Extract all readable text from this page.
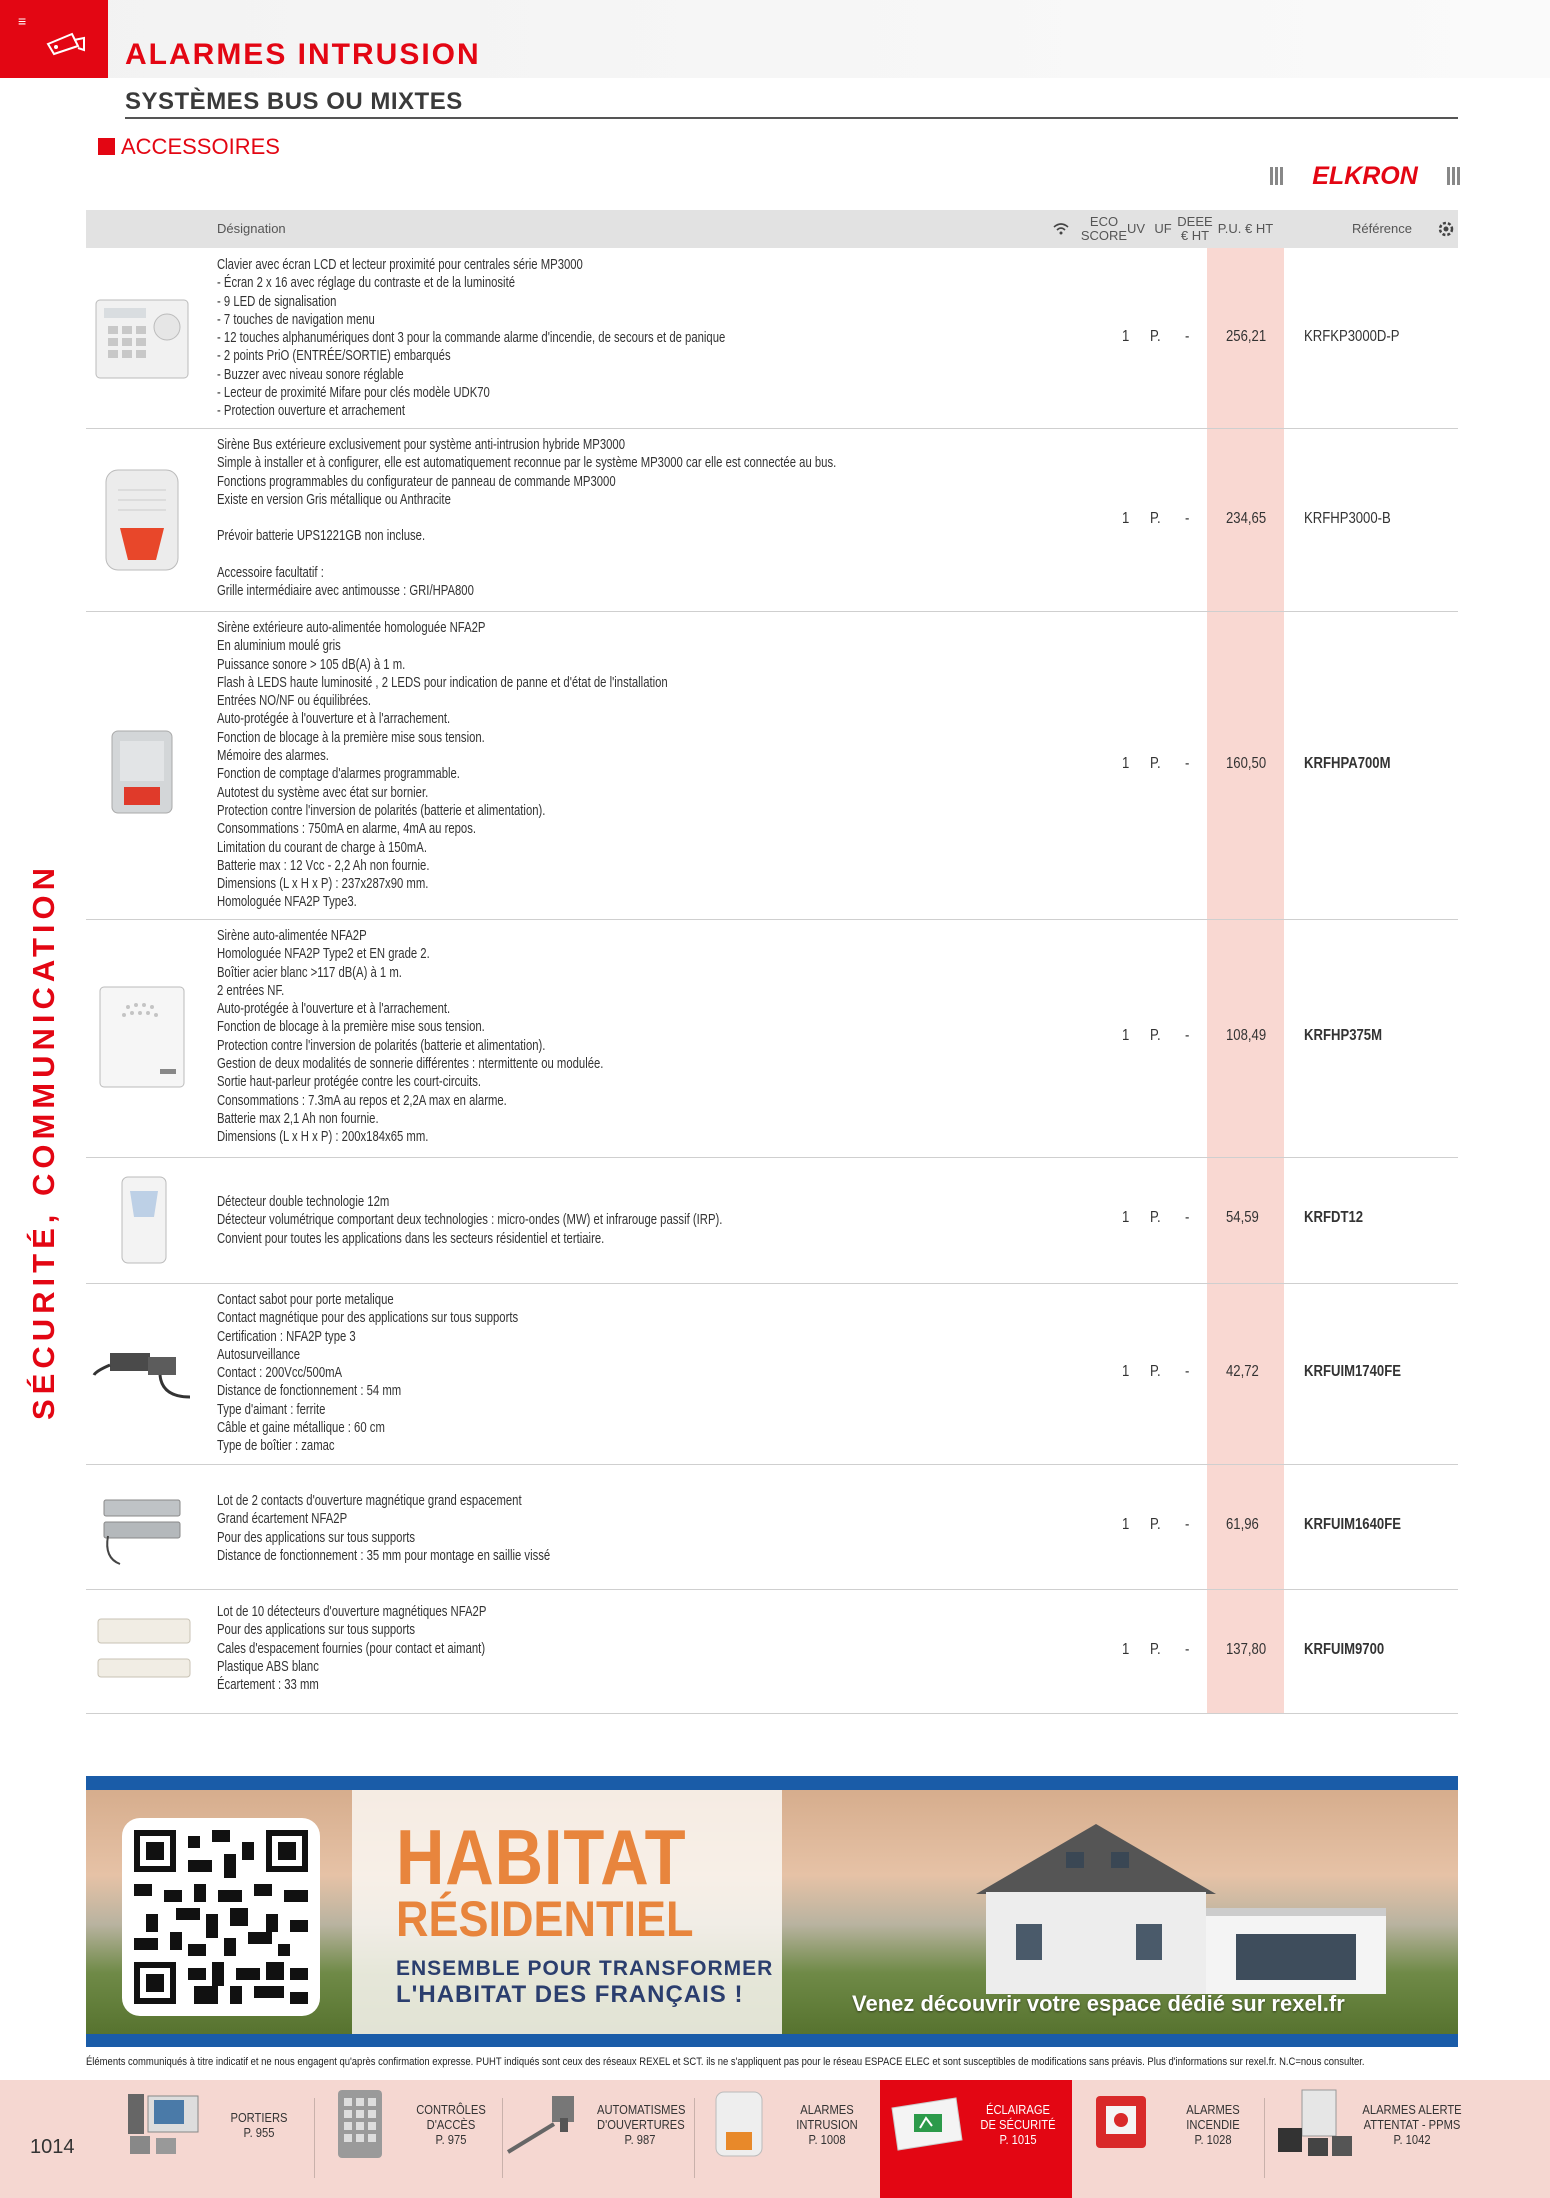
≡
ALARMES INTRUSION
SYSTÈMES BUS OU MIXTES
ACCESSOIRES
ELKRON
SÉCURITÉ, COMMUNICATION
Désignation	ECO SCORE UV UF DEEE € HT P.U. € HT	Référence
Clavier avec écran LCD et lecteur proximité pour centrales série MP3000
- Écran 2 x 16 avec réglage du contraste et de la luminosité
- 9 LED de signalisation
- 7 touches de navigation menu
- 12 touches alphanumériques dont 3 pour la commande alarme d'incendie, de secours et de panique
- 2 points PriO (ENTRÉE/SORTIE) embarqués
- Buzzer avec niveau sonore réglable
- Lecteur de proximité Mifare pour clés modèle UDK70
- Protection ouverture et arrachement
1 P. - 256,21 KRFKP3000D-P
Sirène Bus extérieure exclusivement pour système anti-intrusion hybride MP3000
Simple à installer et à configurer, elle est automatiquement reconnue par le système MP3000 car elle est connectée au bus.
Fonctions programmables du configurateur de panneau de commande MP3000
Existe en version Gris métallique ou Anthracite

Prévoir batterie UPS1221GB non incluse.

Accessoire facultatif :
Grille intermédiaire avec antimousse : GRI/HPA800
1 P. - 234,65 KRFHP3000-B
Sirène extérieure auto-alimentée homologuée NFA2P
En aluminium moulé gris
Puissance sonore > 105 dB(A) à 1 m.
Flash à LEDS haute luminosité , 2 LEDS pour indication de panne et d'état de l'installation
Entrées NO/NF ou équilibrées.
Auto-protégée à l'ouverture et à l'arrachement.
Fonction de blocage à la première mise sous tension.
Mémoire des alarmes.
Fonction de comptage d'alarmes programmable.
Autotest du système avec état sur bornier.
Protection contre l'inversion de polarités (batterie et alimentation).
Consommations : 750mA en alarme, 4mA au repos.
Limitation du courant de charge à 150mA.
Batterie max : 12 Vcc - 2,2 Ah non fournie.
Dimensions (L x H x P) : 237x287x90 mm.
Homologuée NFA2P Type3.
1 P. - 160,50 KRFHPA700M
Sirène auto-alimentée NFA2P
Homologuée NFA2P Type2 et EN grade 2.
Boîtier acier blanc >117 dB(A) à 1 m.
2 entrées NF.
Auto-protégée à l'ouverture et à l'arrachement.
Fonction de blocage à la première mise sous tension.
Protection contre l'inversion de polarités (batterie et alimentation).
Gestion de deux modalités de sonnerie différentes : ntermittente ou modulée.
Sortie haut-parleur protégée contre les court-circuits.
Consommations : 7.3mA au repos et 2,2A max en alarme.
Batterie max 2,1 Ah non fournie.
Dimensions (L x H x P) : 200x184x65 mm.
1 P. - 108,49 KRFHP375M
Détecteur double technologie 12m
Détecteur volumétrique comportant deux technologies : micro-ondes (MW) et infrarouge passif (IRP).
Convient pour toutes les applications dans les secteurs résidentiel et tertiaire.
1 P. - 54,59	KRFDT12
Contact sabot pour porte metalique
Contact magnétique pour des applications sur tous supports
Certification : NFA2P type 3
Autosurveillance
Contact : 200Vcc/500mA
Distance de fonctionnement : 54 mm
Type d'aimant : ferrite
Câble et gaine métallique : 60 cm
Type de boîtier : zamac
1 P. - 42,72	KRFUIM1740FE
Lot de 2 contacts d'ouverture magnétique grand espacement
Grand écartement NFA2P
Pour des applications sur tous supports
Distance de fonctionnement : 35 mm pour montage en saillie vissé
1 P. - 61,96	KRFUIM1640FE
Lot de 10 détecteurs d'ouverture magnétiques NFA2P
Pour des applications sur tous supports
Cales d'espacement fournies (pour contact et aimant)
Plastique ABS blanc
Écartement : 33 mm
1 P. - 137,80 KRFUIM9700
HABITAT
RÉSIDENTIEL
ENSEMBLE POUR TRANSFORMER
L'HABITAT DES FRANÇAIS !	Venez découvrir votre espace dédié sur rexel.fr
Éléments communiqués à titre indicatif et ne nous engagent qu'après confirmation expresse. PUHT indiqués sont ceux des réseaux REXEL et SCT. ils ne s'appliquent pas pour le réseau ESPACE ELEC et sont susceptibles de modifications sans préavis. Plus d'informations sur rexel.fr. N.C=nous consulter.
1014
PORTIERS
P. 955
CONTRÔLES
D'ACCÈS
P. 975
AUTOMATISMES
D'OUVERTURES
P. 987
ALARMES
INTRUSION
P. 1008
ÉCLAIRAGE
DE SÉCURITÉ
P. 1015
ALARMES
INCENDIE
P. 1028
ALARMES ALERTE
ATTENTAT - PPMS
P. 1042
